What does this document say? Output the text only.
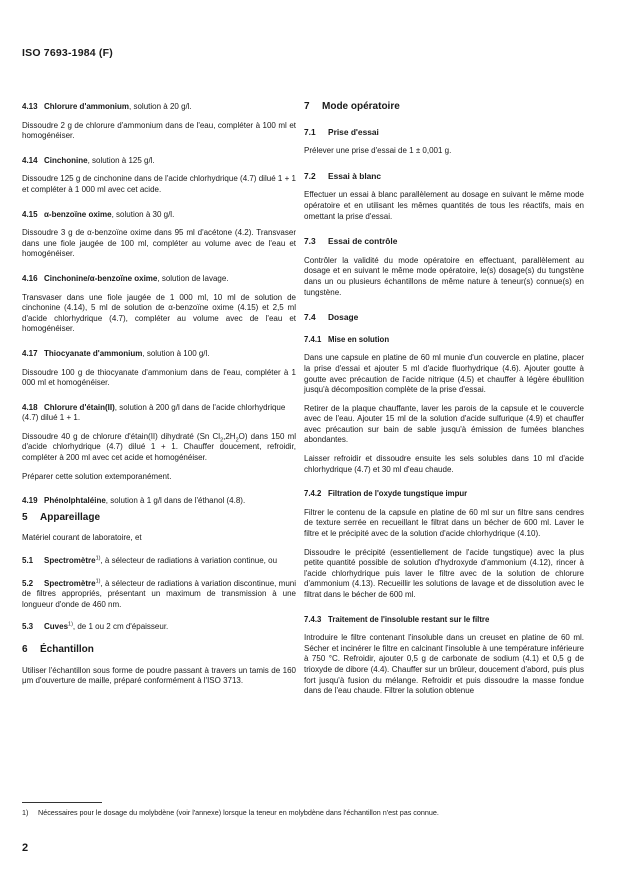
ISO 7693-1984 (F)

4.13 Chlorure d'ammonium, solution à 20 g/l.

Dissoudre 2 g de chlorure d'ammonium dans de l'eau, compléter à 100 ml et homogénéiser.

4.14 Cinchonine, solution à 125 g/l.

Dissoudre 125 g de cinchonine dans de l'acide chlorhydrique (4.7) dilué 1 + 1 et compléter à 1 000 ml avec cet acide.

4.15 α-benzoïne oxime, solution à 30 g/l.

Dissoudre 3 g de α-benzoïne oxime dans 95 ml d'acétone (4.2). Transvaser dans une fiole jaugée de 100 ml, compléter au volume avec de l'eau et homogénéiser.

4.16 Cinchonine/α-benzoïne oxime, solution de lavage.

Transvaser dans une fiole jaugée de 1 000 ml, 10 ml de solution de cinchonine (4.14), 5 ml de solution de α-benzoïne oxime (4.15) et 2,5 ml d'acide chlorhydrique (4.7), compléter au volume avec de l'eau et homogénéiser.

4.17 Thiocyanate d'ammonium, solution à 100 g/l.

Dissoudre 100 g de thiocyanate d'ammonium dans de l'eau, compléter à 1 000 ml et homogénéiser.

4.18 Chlorure d'étain(II), solution à 200 g/l dans de l'acide chlorhydrique (4.7) dilué 1 + 1.

Dissoudre 40 g de chlorure d'étain(II) dihydraté (Sn $Cl_2,2H_2O$) dans 150 ml d'acide chlorhydrique (4.7) dilué 1 + 1. Chauffer doucement, refroidir, compléter à 200 ml avec cet acide et homogénéiser.

Préparer cette solution extemporanément.

4.19 Phénolphtaléine, solution à 1 g/l dans de l'éthanol (4.8).

5 Appareillage

Matériel courant de laboratoire, et

5.1 Spectromètre$^{1)}$, à sélecteur de radiations à variation continue, ou

5.2 Spectromètre$^{1)}$, à sélecteur de radiations à variation discontinue, muni de filtres appropriés, présentant un maximum de transmission à une longueur d'onde de 460 nm.

5.3 Cuves$^{1)}$, de 1 ou 2 cm d'épaisseur.

6 Échantillon

Utiliser l'échantillon sous forme de poudre passant à travers un tamis de 160 μm d'ouverture de maille, préparé conformément à l'ISO 3713.

7 Mode opératoire

7.1 Prise d'essai

Prélever une prise d'essai de 1 ± 0,001 g.

7.2 Essai à blanc

Effectuer un essai à blanc parallèlement au dosage en suivant le même mode opératoire et en utilisant les mêmes quantités de tous les réactifs, mais en omettant la prise d'essai.

7.3 Essai de contrôle

Contrôler la validité du mode opératoire en effectuant, parallèlement au dosage et en suivant le même mode opératoire, le(s) dosage(s) du tungstène dans un ou plusieurs échantillons de même nature à teneur(s) connue(s) en tungstène.

7.4 Dosage

7.4.1 Mise en solution

Dans une capsule en platine de 60 ml munie d'un couvercle en platine, placer la prise d'essai et ajouter 5 ml d'acide fluorhydrique (4.6). Ajouter goutte à goutte avec précaution de l'acide nitrique (4.5) et chauffer à légère ébullition jusqu'à décomposition complète de la prise d'essai.

Retirer de la plaque chauffante, laver les parois de la capsule et le couvercle avec de l'eau. Ajouter 15 ml de la solution d'acide sulfurique (4.9) et chauffer avec précaution sur bain de sable jusqu'à émission de fumées blanches abondantes.

Laisser refroidir et dissoudre ensuite les sels solubles dans 10 ml d'acide chlorhydrique (4.7) et 30 ml d'eau chaude.

7.4.2 Filtration de l'oxyde tungstique impur

Filtrer le contenu de la capsule en platine de 60 ml sur un filtre sans cendres de texture serrée en recueillant le filtrat dans un bécher de 600 ml. Laver le filtre et le précipité avec de la solution d'acide chlorhydrique (4.10).

Dissoudre le précipité (essentiellement de l'acide tungstique) avec la plus petite quantité possible de solution d'hydroxyde d'ammonium (4.12), rincer à l'acide chlorhydrique puis laver le filtre avec de la solution de chlorure d'ammonium (4.13). Recueillir les solutions de lavage et de dissolution avec le filtrat dans le bécher de 600 ml.

7.4.3 Traitement de l'insoluble restant sur le filtre

Introduire le filtre contenant l'insoluble dans un creuset en platine de 60 ml. Sécher et incinérer le filtre en calcinant l'insoluble à une température inférieure à 750 °C. Refroidir, ajouter 0,5 g de carbonate de sodium (4.1) et 0,5 g de trioxyde de dibore (4.4). Chauffer sur un brûleur, doucement d'abord, puis plus fort jusqu'à fusion du mélange. Refroidir et puis dissoudre la masse fondue dans de l'eau chaude. Filtrer la solution obtenue

1) Nécessaires pour le dosage du molybdène (voir l'annexe) lorsque la teneur en molybdène dans l'échantillon n'est pas connue.
2
